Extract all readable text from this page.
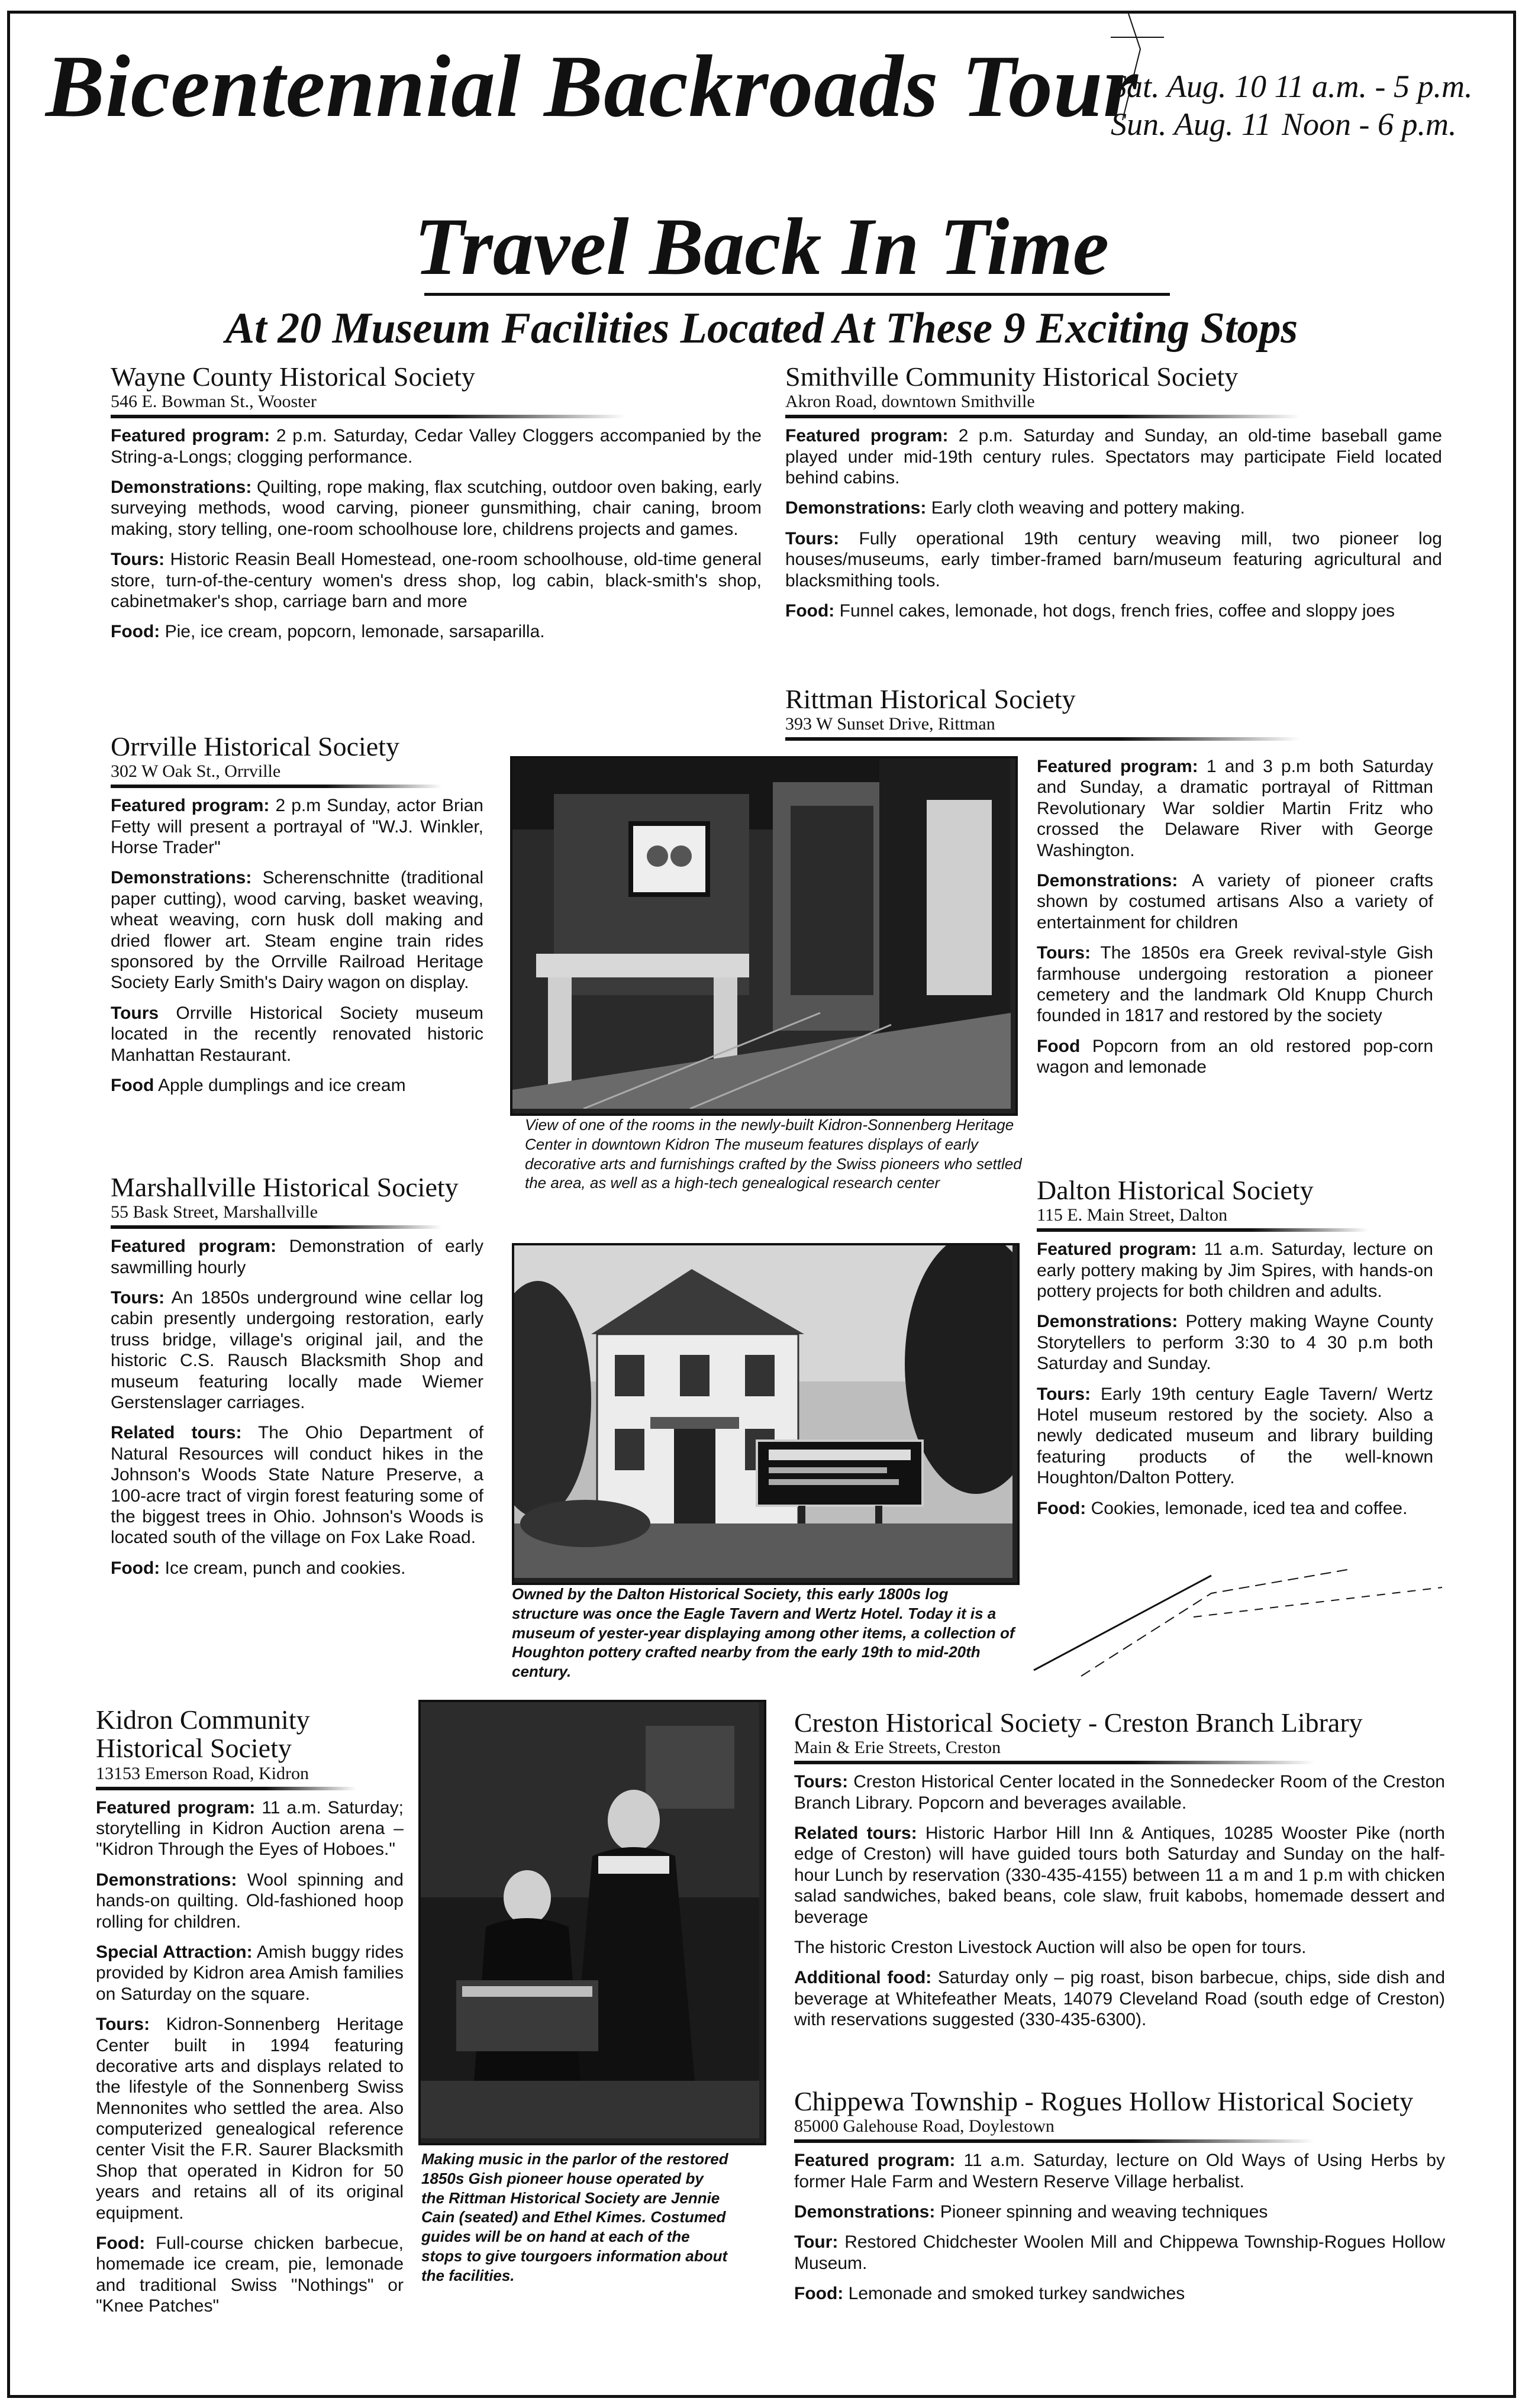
Bicentennial Backroads Tour
Sat. Aug. 10 11 a.m. - 5 p.m.
Sun. Aug. 11 Noon - 6 p.m.
Travel Back In Time
At 20 Museum Facilities Located At These 9 Exciting Stops
Wayne County Historical Society
546 E. Bowman St., Wooster

Featured program: 2 p.m. Saturday, Cedar Valley Cloggers accompanied by the String-a-Longs; clogging performance.

Demonstrations: Quilting, rope making, flax scutching, outdoor oven baking, early surveying methods, wood carving, pioneer gunsmithing, chair caning, broom making, story telling, one-room schoolhouse lore, childrens projects and games.

Tours: Historic Reasin Beall Homestead, one-room schoolhouse, old-time general store, turn-of-the-century women's dress shop, log cabin, black-smith's shop, cabinetmaker's shop, carriage barn and more

Food: Pie, ice cream, popcorn, lemonade, sarsaparilla.

Smithville Community Historical Society
Akron Road, downtown Smithville

Featured program: 2 p.m. Saturday and Sunday, an old-time baseball game played under mid-19th century rules. Spectators may participate Field located behind cabins.

Demonstrations: Early cloth weaving and pottery making.

Tours: Fully operational 19th century weaving mill, two pioneer log houses/museums, early timber-framed barn/museum featuring agricultural and blacksmithing tools.

Food: Funnel cakes, lemonade, hot dogs, french fries, coffee and sloppy joes

Rittman Historical Society
393 W Sunset Drive, Rittman

Featured program: 1 and 3 p.m both Saturday and Sunday, a dramatic portrayal of Rittman Revolutionary War soldier Martin Fritz who crossed the Delaware River with George Washington.

Demonstrations: A variety of pioneer crafts shown by costumed artisans Also a variety of entertainment for children

Tours: The 1850s era Greek revival-style Gish farmhouse undergoing restoration a pioneer cemetery and the landmark Old Knupp Church founded in 1817 and restored by the society

Food Popcorn from an old restored pop-corn wagon and lemonade

Orrville Historical Society
302 W Oak St., Orrville

Featured program: 2 p.m Sunday, actor Brian Fetty will present a portrayal of "W.J. Winkler, Horse Trader"

Demonstrations: Scherenschnitte (traditional paper cutting), wood carving, basket weaving, wheat weaving, corn husk doll making and dried flower art. Steam engine train rides sponsored by the Orrville Railroad Heritage Society Early Smith's Dairy wagon on display.

Tours Orrville Historical Society museum located in the recently renovated historic Manhattan Restaurant.

Food Apple dumplings and ice cream

View of one of the rooms in the newly-built Kidron-Sonnenberg Heritage Center in downtown Kidron The museum features displays of early decorative arts and furnishings crafted by the Swiss pioneers who settled the area, as well as a high-tech genealogical research center
Marshallville Historical Society
55 Bask Street, Marshallville

Featured program: Demonstration of early sawmilling hourly

Tours: An 1850s underground wine cellar log cabin presently undergoing restoration, early truss bridge, village's original jail, and the historic C.S. Rausch Blacksmith Shop and museum featuring locally made Wiemer Gerstenslager carriages.

Related tours: The Ohio Department of Natural Resources will conduct hikes in the Johnson's Woods State Nature Preserve, a 100-acre tract of virgin forest featuring some of the biggest trees in Ohio. Johnson's Woods is located south of the village on Fox Lake Road.

Food: Ice cream, punch and cookies.

Owned by the Dalton Historical Society, this early 1800s log structure was once the Eagle Tavern and Wertz Hotel. Today it is a museum of yester-year displaying among other items, a collection of Houghton pottery crafted nearby from the early 19th to mid-20th century.
Dalton Historical Society
115 E. Main Street, Dalton

Featured program: 11 a.m. Saturday, lecture on early pottery making by Jim Spires, with hands-on pottery projects for both children and adults.

Demonstrations: Pottery making Wayne County Storytellers to perform 3:30 to 4 30 p.m both Saturday and Sunday.

Tours: Early 19th century Eagle Tavern/ Wertz Hotel museum restored by the society. Also a newly dedicated museum and library building featuring products of the well-known Houghton/Dalton Pottery.

Food: Cookies, lemonade, iced tea and coffee.

Kidron Community Historical Society
13153 Emerson Road, Kidron

Featured program: 11 a.m. Saturday; storytelling in Kidron Auction arena – "Kidron Through the Eyes of Hoboes."

Demonstrations: Wool spinning and hands-on quilting. Old-fashioned hoop rolling for children.

Special Attraction: Amish buggy rides provided by Kidron area Amish families on Saturday on the square.

Tours: Kidron-Sonnenberg Heritage Center built in 1994 featuring decorative arts and displays related to the lifestyle of the Sonnenberg Swiss Mennonites who settled the area. Also computerized genealogical reference center Visit the F.R. Saurer Blacksmith Shop that operated in Kidron for 50 years and retains all of its original equipment.

Food: Full-course chicken barbecue, homemade ice cream, pie, lemonade and traditional Swiss "Nothings" or "Knee Patches"

Making music in the parlor of the restored 1850s Gish pioneer house operated by the Rittman Historical Society are Jennie Cain (seated) and Ethel Kimes. Costumed guides will be on hand at each of the stops to give tourgoers information about the facilities.
Creston Historical Society - Creston Branch Library
Main & Erie Streets, Creston

Tours: Creston Historical Center located in the Sonnedecker Room of the Creston Branch Library. Popcorn and beverages available.

Related tours: Historic Harbor Hill Inn & Antiques, 10285 Wooster Pike (north edge of Creston) will have guided tours both Saturday and Sunday on the half-hour Lunch by reservation (330-435-4155) between 11 a m and 1 p.m with chicken salad sandwiches, baked beans, cole slaw, fruit kabobs, homemade dessert and beverage

The historic Creston Livestock Auction will also be open for tours.

Additional food: Saturday only – pig roast, bison barbecue, chips, side dish and beverage at Whitefeather Meats, 14079 Cleveland Road (south edge of Creston) with reservations suggested (330-435-6300).

Chippewa Township - Rogues Hollow Historical Society
85000 Galehouse Road, Doylestown

Featured program: 11 a.m. Saturday, lecture on Old Ways of Using Herbs by former Hale Farm and Western Reserve Village herbalist.

Demonstrations: Pioneer spinning and weaving techniques

Tour: Restored Chidchester Woolen Mill and Chippewa Township-Rogues Hollow Museum.

Food: Lemonade and smoked turkey sandwiches
